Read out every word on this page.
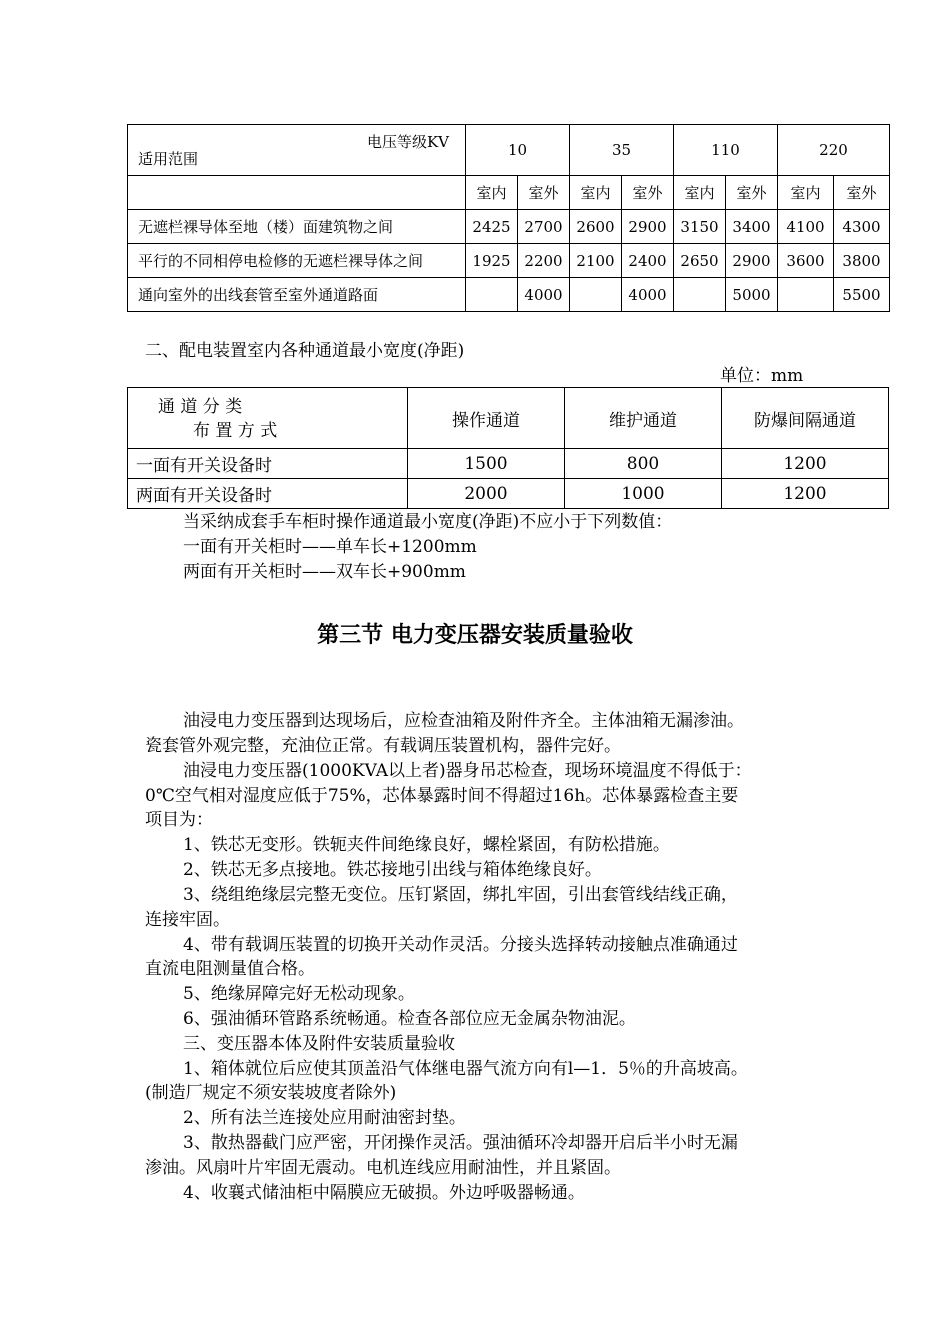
电压等级KV
适用范围	10		35		110		220	
	室内	室外	室内	室外	室内	室外	室内	室外
无遮栏裸导体至地（楼）面建筑物之间	2425	2700	2600	2900	3150	3400	4100	4300
平行的不同相停电检修的无遮栏裸导体之间	1925	2200	2100	2400	2650	2900	3600	3800
通向室外的出线套管至室外通道路面		4000		4000		5000		5500
二、配电装置室内各种通道最小宽度(净距)
单位：mm
通 道 分 类
布 置 方 式	操作通道	维护通道	防爆间隔通道
一面有开关设备时	1500	800	1200
两面有开关设备时	2000	1000	1200
当采纳成套手车柜时操作通道最小宽度(净距)不应小于下列数值：
一面有开关柜时——单车长+1200mm
两面有开关柜时——双车长+900mm
第三节 电力变压器安装质量验收
油浸电力变压器到达现场后，应检查油箱及附件齐全。主体油箱无漏渗油。
瓷套管外观完整，充油位正常。有载调压装置机构，器件完好。
油浸电力变压器(1000KVA以上者)器身吊芯检查，现场环境温度不得低于：
0℃空气相对湿度应低于75%，芯体暴露时间不得超过16h。芯体暴露检查主要
项目为：
1、铁芯无变形。铁轭夹件间绝缘良好，螺栓紧固，有防松措施。
2、铁芯无多点接地。铁芯接地引出线与箱体绝缘良好。
3、绕组绝缘层完整无变位。压钉紧固，绑扎牢固，引出套管线结线正确，
连接牢固。
4、带有载调压装置的切换开关动作灵活。分接头选择转动接触点准确通过
直流电阻测量值合格。
5、绝缘屏障完好无松动现象。
6、强油循环管路系统畅通。检查各部位应无金属杂物油泥。
三、变压器本体及附件安装质量验收
1、箱体就位后应使其顶盖沿气体继电器气流方向有l—1．5％的升高坡高。
(制造厂规定不须安装坡度者除外)
2、所有法兰连接处应用耐油密封垫。
3、散热器截门应严密，开闭操作灵活。强油循环冷却器开启后半小时无漏
渗油。风扇叶片牢固无震动。电机连线应用耐油性，并且紧固。
4、收襄式储油柜中隔膜应无破损。外边呼吸器畅通。
